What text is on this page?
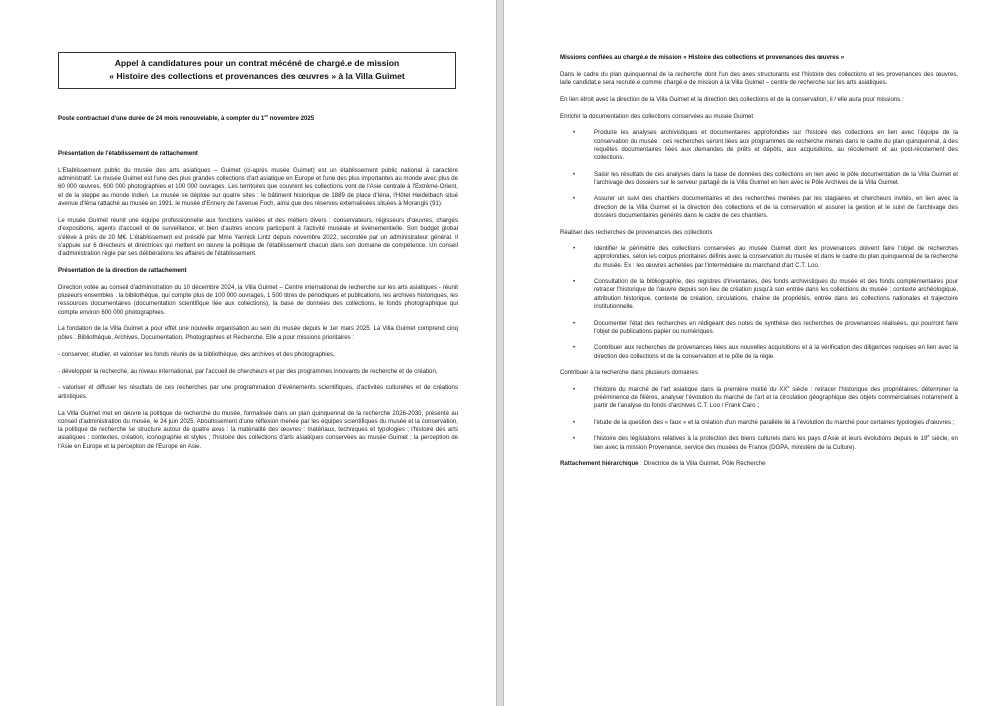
Appel à candidatures pour un contrat mécéné de chargé.e de mission
« Histoire des collections et provenances des œuvres » à la Villa Guimet
Poste contractuel d'une durée de 24 mois renouvelable, à compter du 1er novembre 2025
Présentation de l'établissement de rattachement

L'Etablissement public du musée des arts asiatiques – Guimet (ci-après musée Guimet) est un établissement public national à caractère administratif. Le musée Guimet est l'une des plus grandes collections d'art asiatique en Europe et l'une des plus importantes au monde avec plus de 60 000 œuvres, 600 000 photographies et 100 000 ouvrages. Les territoires que couvrent les collections vont de l'Asie centrale à l'Extrême-Orient, et de la steppe au monde indien. Le musée se déploie sur quatre sites : le bâtiment historique de 1889 de place d'Iéna, l'Hôtel Heidelbach situé avenue d'Iéna rattaché au musée en 1991, le musée d'Ennery de l'avenue Foch, ainsi que des réserves externalisées situées à Morangis (91).

Le musée Guimet réunit une équipe professionnelle aux fonctions variées et des métiers divers : conservateurs, régisseurs d'œuvres, chargés d'expositions, agents d'accueil et de surveillance, et bien d'autres encore participent à l'activité muséale et événementielle. Son budget global s'élève à près de 20 M€. L'établissement est présidé par Mme Yannick Lintz depuis novembre 2022, secondée par un administrateur général. Il s'appuie sur 6 directeurs et directrices qui mettent en œuvre la politique de l'établissement chacun dans son domaine de compétence. Un conseil d'administration règle par ses délibérations les affaires de l'établissement.

Présentation de la direction de rattachement

Direction votée au conseil d'administration du 10 décembre 2024, la Villa Guimet – Centre international de recherche sur les arts asiatiques - réunit plusieurs ensembles : la bibliothèque, qui compte plus de 100 000 ouvrages, 1 500 titres de périodiques et publications, les archives historiques, les ressources documentaires (documentation scientifique liée aux collections), la base de données des collections, le fonds photographique qui compte environ 600 000 photographies.

La fondation de la Villa Guimet a pour effet une nouvelle organisation au sein du musée depuis le 1er mars 2025. La Villa Guimet comprend cinq pôles : Bibliothèque, Archives, Documentation, Photographies et Recherche. Elle a pour missions prioritaires :

- conserver, étudier, et valoriser les fonds réunis de la bibliothèque, des archives et des photographies,

- développer la recherche, au niveau international, par l'accueil de chercheurs et par des programmes innovants de recherche et de création,

- valoriser et diffuser les résultats de ces recherches par une programmation d'événements scientifiques, d'activités culturelles et de créations artistiques.

La Villa Guimet met en œuvre la politique de recherche du musée, formalisée dans un plan quinquennal de la recherche 2026-2030, présenté au conseil d'administration du musée, le 24 juin 2025. Aboutissement d'une réflexion menée par les équipes scientifiques du musée et la conservation, la politique de recherche se structure autour de quatre axes : la matérialité des œuvres : matériaux, techniques et typologies ; l'histoire des arts asiatiques : contextes, création, iconographie et styles ; l'histoire des collections d'arts asiatiques conservées au musée Guimet ; la perception de l'Asie en Europe et la perception de l'Europe en Asie.

Missions confiées au chargé.e de mission « Histoire des collections et provenances des œuvres »

Dans le cadre du plan quinquennal de la recherche dont l'un des axes structurants est l'histoire des collections et les provenances des œuvres, la/le candidat.e sera recruté.e comme chargé.e de mission à la Villa Guimet – centre de recherche sur les arts asiatiques.

En lien étroit avec la direction de la Villa Guimet et la direction des collections et de la conservation, il / elle aura pour missions :

Enrichir la documentation des collections conservées au musée Guimet
•	Produire les analyses archivistiques et documentaires approfondies sur l'histoire des collections en lien avec l'équipe de la conservation du musée : ces recherches seront liées aux programmes de recherche menés dans le cadre du plan quinquennal, à des requêtes documentaires liées aux demandes de prêts et dépôts, aux acquisitions, au récolement et au post-récolement des collections.
•	Saisir les résultats de ces analyses dans la base de données des collections en lien avec le pôle documentation de la Villa Guimet et l'archivage des dossiers sur le serveur partagé de la Villa Guimet en lien avec le Pôle Archives de la Villa Guimet.
•	Assurer un suivi des chantiers documentaires et des recherches menées par les stagiaires et chercheurs invités, en lien avec la direction de la Villa Guimet et la direction des collections et de la conservation et assurer la gestion et le suivi de l'archivage des dossiers documentaires générés dans le cadre de ces chantiers.
Réaliser des recherches de provenances des collections
•	Identifier le périmètre des collections conservées au musée Guimet dont les provenances doivent faire l'objet de recherches approfondies, selon les corpus prioritaires définis avec la conservation du musée et dans le cadre du plan quinquennal de la recherche du musée. Ex : les œuvres achetées par l'intermédiaire du marchand d'art C.T. Loo.
•	Consultation de la bibliographie, des registres d'inventaires, des fonds archivistiques du musée et des fonds complémentaires pour retracer l'historique de l'œuvre depuis son lieu de création jusqu'à son entrée dans les collections du musée : contexte archéologique, attribution historique, contexte de création, circulations, chaîne de propriétés, entrée dans les collections nationales et trajectoire institutionnelle.
•	Documenter l'état des recherches en rédigeant des notes de synthèse des recherches de provenances réalisées, qui pourront faire l'objet de publications papier ou numériques.
•	Contribuer aux recherches de provenances liées aux nouvelles acquisitions et à la vérification des diligences requises en lien avec la direction des collections et de la conservation et le pôle de la régie.
Contribuer à la recherche dans plusieurs domaines
•	l'histoire du marché de l'art asiatique dans la première moitié du XXe siècle : retracer l'historique des propriétaires, déterminer la prééminence de filières, analyser l'évolution du marché de l'art et la circulation géographique des objets commercialisés notamment à partir de l'analyse du fonds d'archives C.T. Loo / Frank Caro ;
•	l'étude de la question des « faux » et la création d'un marché parallèle lié à l'évolution du marché pour certaines typologies d'œuvres ;
•	l'histoire des législations relatives à la protection des biens culturels dans les pays d'Asie et leurs évolutions depuis le 19e siècle, en lien avec la mission Provenance, service des musées de France (DGPA, ministère de la Culture).
Rattachement hiérarchique : Directrice de la Villa Guimet, Pôle Recherche
